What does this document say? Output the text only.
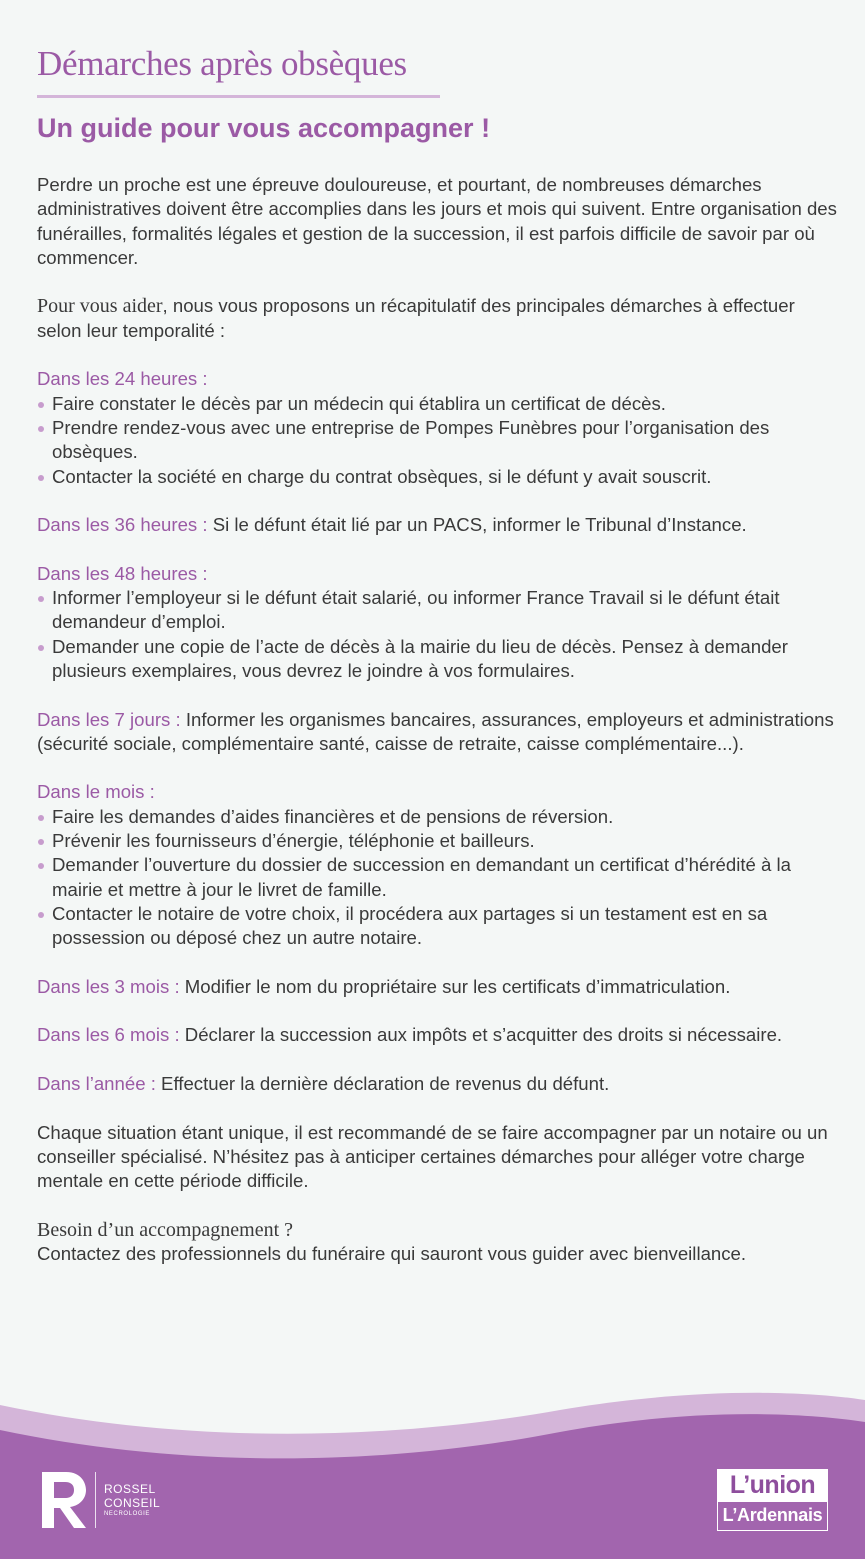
Démarches après obsèques
Un guide pour vous accompagner !

Perdre un proche est une épreuve douloureuse, et pourtant, de nombreuses démarches administratives doivent être accomplies dans les jours et mois qui suivent. Entre organisation des funérailles, formalités légales et gestion de la succession, il est parfois difficile de savoir par où commencer.

Pour vous aider, nous vous proposons un récapitulatif des principales démarches à effectuer selon leur temporalité :

Dans les 24 heures :

Faire constater le décès par un médecin qui établira un certificat de décès.
Prendre rendez-vous avec une entreprise de Pompes Funèbres pour l’organisation des obsèques.
Contacter la société en charge du contrat obsèques, si le défunt y avait souscrit.

Dans les 36 heures : Si le défunt était lié par un PACS, informer le Tribunal d’Instance.

Dans les 48 heures :

Informer l’employeur si le défunt était salarié, ou informer France Travail si le défunt était demandeur d’emploi.
Demander une copie de l’acte de décès à la mairie du lieu de décès. Pensez à demander plusieurs exemplaires, vous devrez le joindre à vos formulaires.

Dans les 7 jours : Informer les organismes bancaires, assurances, employeurs et administrations (sécurité sociale, complémentaire santé, caisse de retraite, caisse complémentaire...).

Dans le mois :

Faire les demandes d’aides financières et de pensions de réversion.
Prévenir les fournisseurs d’énergie, téléphonie et bailleurs.
Demander l’ouverture du dossier de succession en demandant un certificat d’hérédité à la mairie et mettre à jour le livret de famille.
Contacter le notaire de votre choix, il procédera aux partages si un testament est en sa possession ou déposé chez un autre notaire.

Dans les 3 mois : Modifier le nom du propriétaire sur les certificats d’immatriculation.

Dans les 6 mois : Déclarer la succession aux impôts et s’acquitter des droits si nécessaire.

Dans l’année : Effectuer la dernière déclaration de revenus du défunt.

Chaque situation étant unique, il est recommandé de se faire accompagner par un notaire ou un conseiller spécialisé. N’hésitez pas à anticiper certaines démarches pour alléger votre charge mentale en cette période difficile.

Besoin d’un accompagnement ?

Contactez des professionnels du funéraire qui sauront vous guider avec bienveillance.

ROSSEL
CONSEIL
NECROLOGIE
L’union
L’Ardennais
